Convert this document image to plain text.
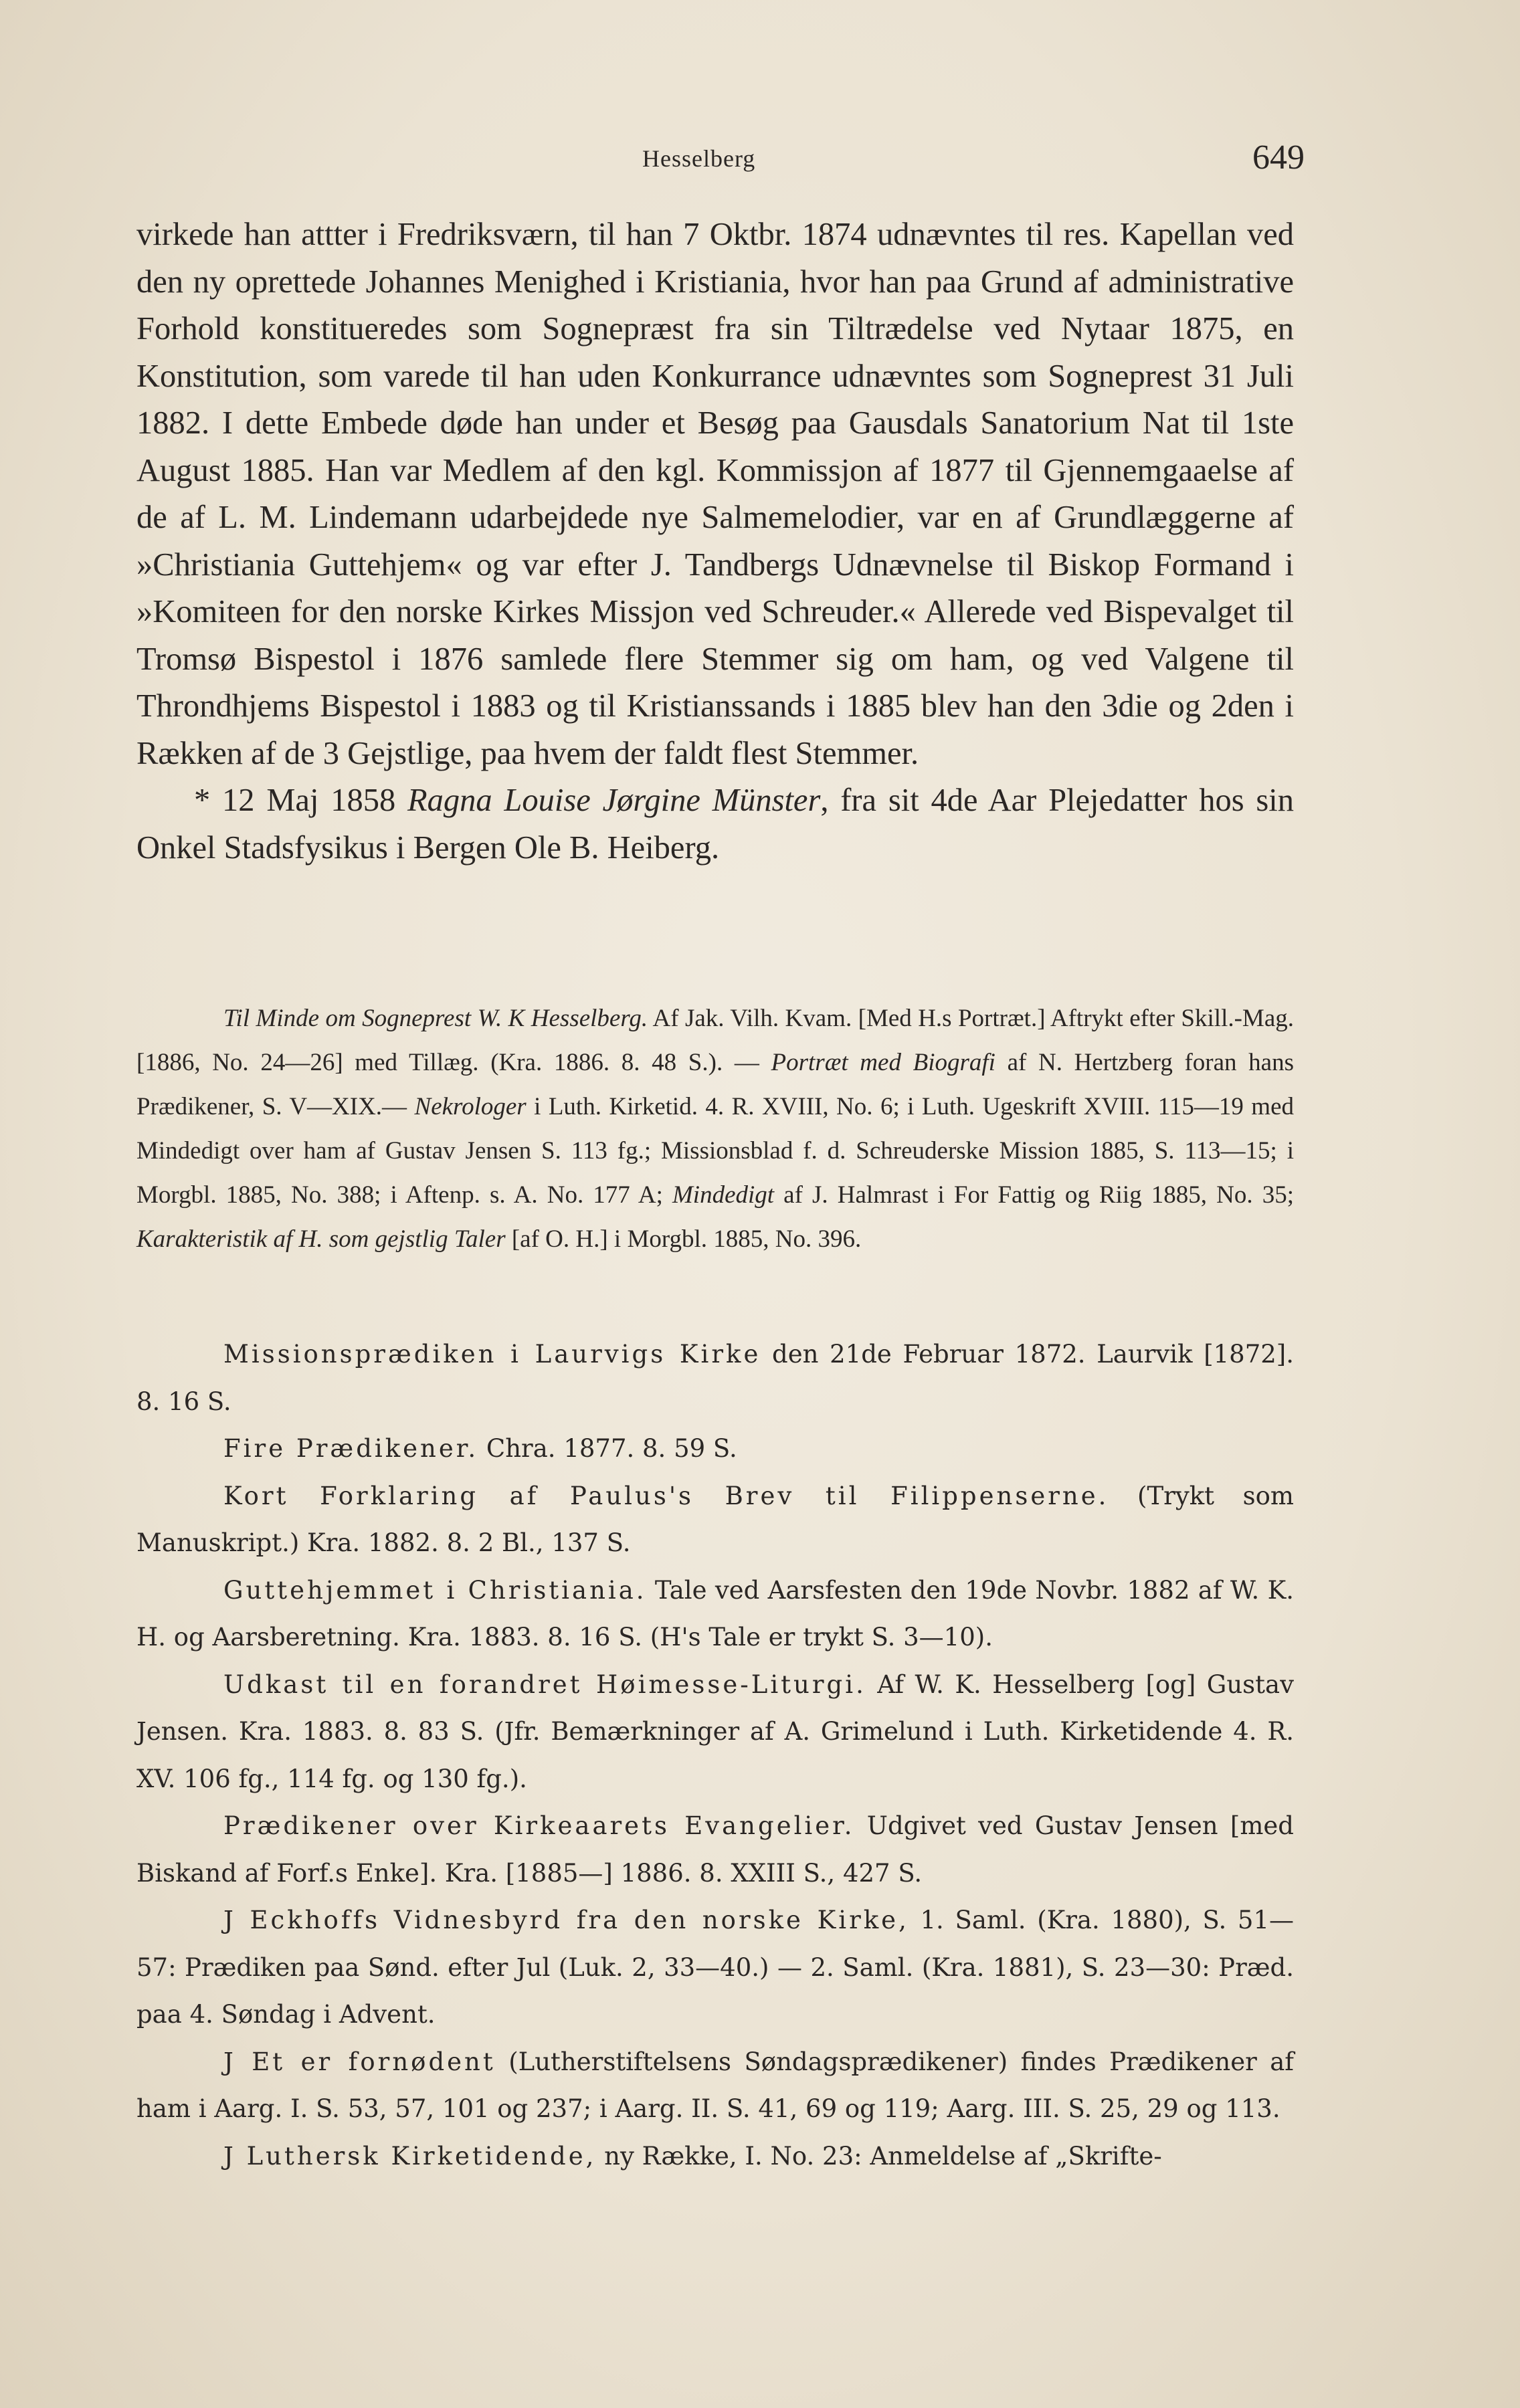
Hesselberg	649

virkede han attter i Fredriksværn, til han 7 Oktbr. 1874 udnævntes til res. Kapellan ved den ny oprettede Johannes Menighed i Kristiania, hvor han paa Grund af administrative Forhold konstitueredes som Sognepræst fra sin Tiltrædelse ved Nytaar 1875, en Konstitution, som varede til han uden Konkurrance udnævntes som Sogneprest 31 Juli 1882. I dette Embede døde han under et Besøg paa Gausdals Sanatorium Nat til 1ste August 1885. Han var Medlem af den kgl. Kommissjon af 1877 til Gjennemgaaelse af de af L. M. Lindemann udarbejdede nye Salmemelodier, var en af Grundlæggerne af »Christiania Guttehjem« og var efter J. Tandbergs Udnævnelse til Biskop Formand i »Komiteen for den norske Kirkes Missjon ved Schreuder.« Allerede ved Bispevalget til Tromsø Bispestol i 1876 samlede flere Stemmer sig om ham, og ved Valgene til Throndhjems Bispestol i 1883 og til Kristianssands i 1885 blev han den 3die og 2den i Rækken af de 3 Gejstlige, paa hvem der faldt flest Stemmer.

* 12 Maj 1858 Ragna Louise Jørgine Münster, fra sit 4de Aar Plejedatter hos sin Onkel Stadsfysikus i Bergen Ole B. Heiberg.

Til Minde om Sogneprest W. K Hesselberg. Af Jak. Vilh. Kvam. [Med H.s Portræt.] Aftrykt efter Skill.-Mag. [1886, No. 24—26] med Tillæg. (Kra. 1886. 8. 48 S.). — Portræt med Biografi af N. Hertzberg foran hans Prædikener, S. V—XIX.— Nekrologer i Luth. Kirketid. 4. R. XVIII, No. 6; i Luth. Ugeskrift XVIII. 115—19 med Mindedigt over ham af Gustav Jensen S. 113 fg.; Missionsblad f. d. Schreuderske Mission 1885, S. 113—15; i Morgbl. 1885, No. 388; i Aftenp. s. A. No. 177 A; Mindedigt af J. Halmrast i For Fattig og Riig 1885, No. 35; Karakteristik af H. som gejstlig Taler [af O. H.] i Morgbl. 1885, No. 396.

Missionsprædiken i Laurvigs Kirke den 21de Februar 1872. Laurvik [1872]. 8. 16 S.

Fire Prædikener. Chra. 1877. 8. 59 S.

Kort Forklaring af Paulus's Brev til Filippenserne. (Trykt som Manuskript.) Kra. 1882. 8. 2 Bl., 137 S.

Guttehjemmet i Christiania. Tale ved Aarsfesten den 19de Novbr. 1882 af W. K. H. og Aarsberetning. Kra. 1883. 8. 16 S. (H's Tale er trykt S. 3—10).

Udkast til en forandret Høimesse-Liturgi. Af W. K. Hesselberg [og] Gustav Jensen. Kra. 1883. 8. 83 S. (Jfr. Bemærkninger af A. Grimelund i Luth. Kirketidende 4. R. XV. 106 fg., 114 fg. og 130 fg.).

Prædikener over Kirkeaarets Evangelier. Udgivet ved Gustav Jensen [med Biskand af Forf.s Enke]. Kra. [1885—] 1886. 8. XXIII S., 427 S.

J Eckhoffs Vidnesbyrd fra den norske Kirke, 1. Saml. (Kra. 1880), S. 51—57: Prædiken paa Sønd. efter Jul (Luk. 2, 33—40.) — 2. Saml. (Kra. 1881), S. 23—30: Præd. paa 4. Søndag i Advent.

J Et er fornødent (Lutherstiftelsens Søndagsprædikener) findes Prædikener af ham i Aarg. I. S. 53, 57, 101 og 237; i Aarg. II. S. 41, 69 og 119; Aarg. III. S. 25, 29 og 113.

J Luthersk Kirketidende, ny Række, I. No. 23: Anmeldelse af „Skrifte-
